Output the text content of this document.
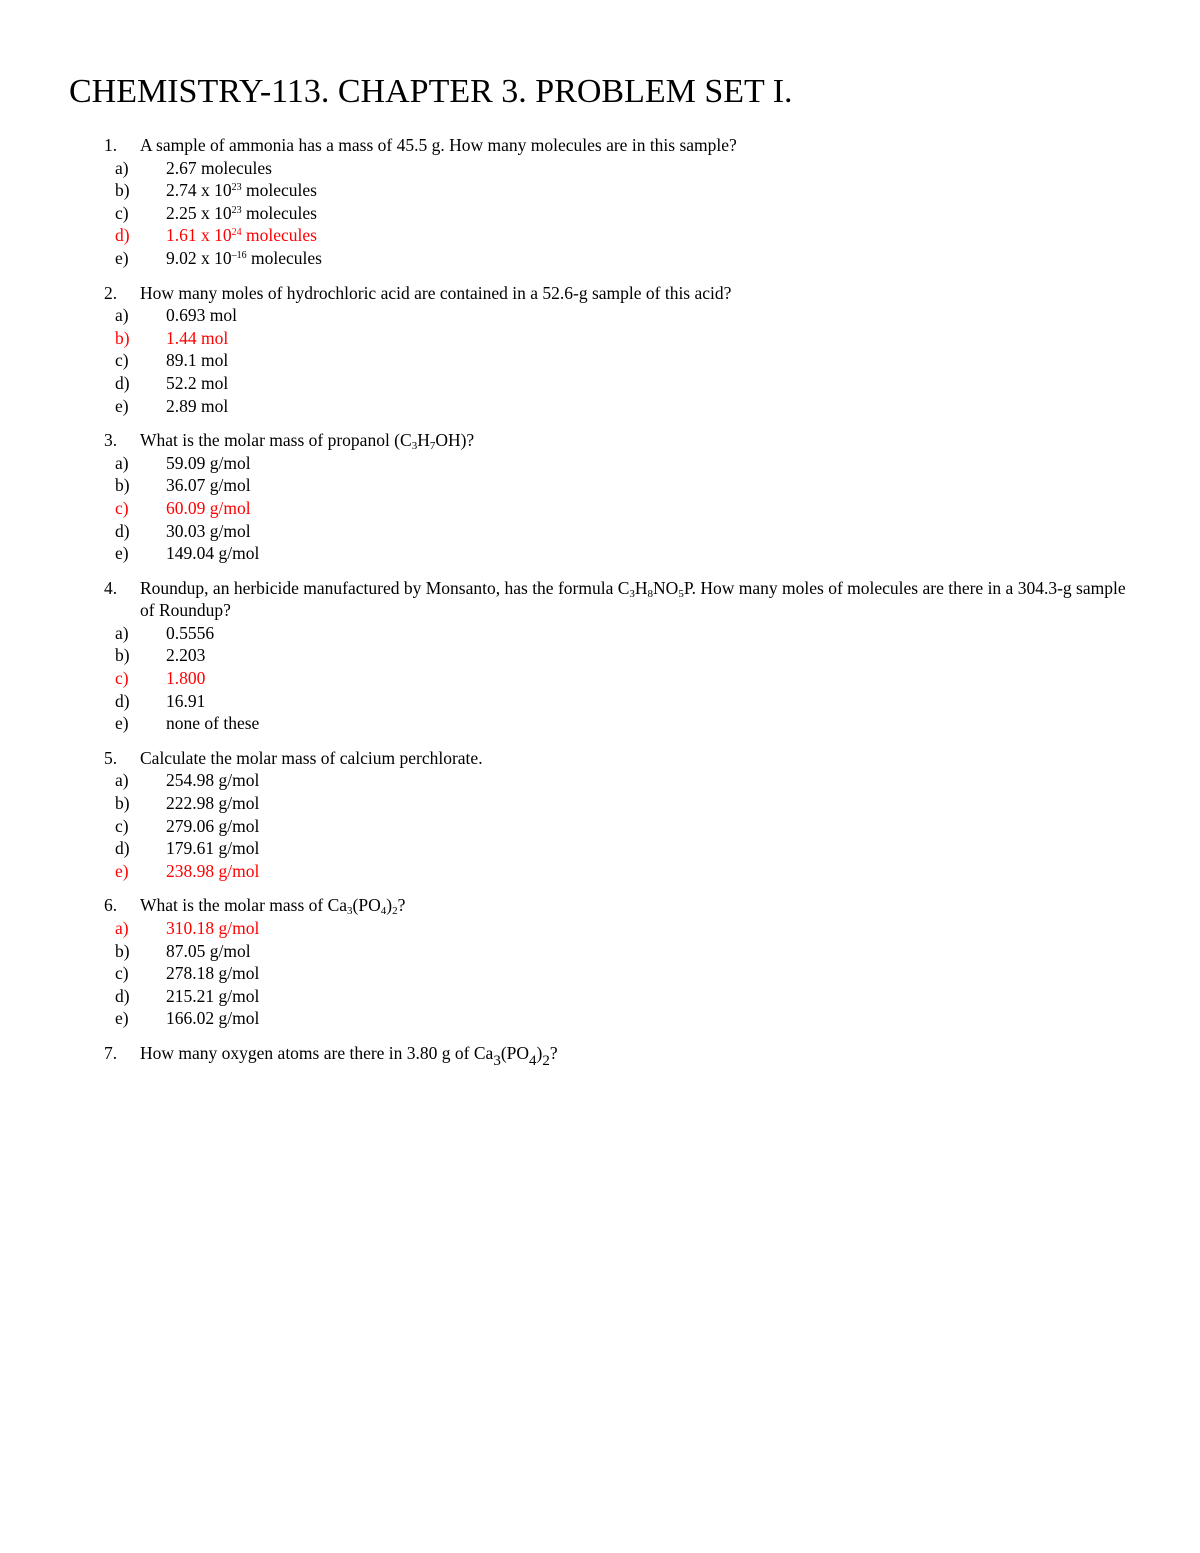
CHEMISTRY-113. CHAPTER 3. PROBLEM SET I.
1. A sample of ammonia has a mass of 45.5 g. How many molecules are in this sample?
a) 2.67 molecules
b) 2.74 x $10^{23}$ molecules
c) 2.25 x $10^{23}$ molecules
d) 1.61 x $10^{24}$ molecules
e) 9.02 x $10^{-16}$ molecules
2. How many moles of hydrochloric acid are contained in a 52.6-g sample of this acid?
a) 0.693 mol
b) 1.44 mol
c) 89.1 mol
d) 52.2 mol
e) 2.89 mol
3. What is the molar mass of propanol $(C_3H_7OH)$?
a) 59.09 g/mol
b) 36.07 g/mol
c) 60.09 g/mol
d) 30.03 g/mol
e) 149.04 g/mol
4. Roundup, an herbicide manufactured by Monsanto, has the formula $C_3H_8NO_5P$. How many moles of molecules are there in a 304.3-g sample of Roundup?
a) 0.5556
b) 2.203
c) 1.800
d) 16.91
e) none of these
5. Calculate the molar mass of calcium perchlorate.
a) 254.98 g/mol
b) 222.98 g/mol
c) 279.06 g/mol
d) 179.61 g/mol
e) 238.98 g/mol
6. What is the molar mass of $Ca_3(PO_4)_2$?
a) 310.18 g/mol
b) 87.05 g/mol
c) 278.18 g/mol
d) 215.21 g/mol
e) 166.02 g/mol
7. How many oxygen atoms are there in 3.80 g of $Ca_3(PO_4)_2$?
